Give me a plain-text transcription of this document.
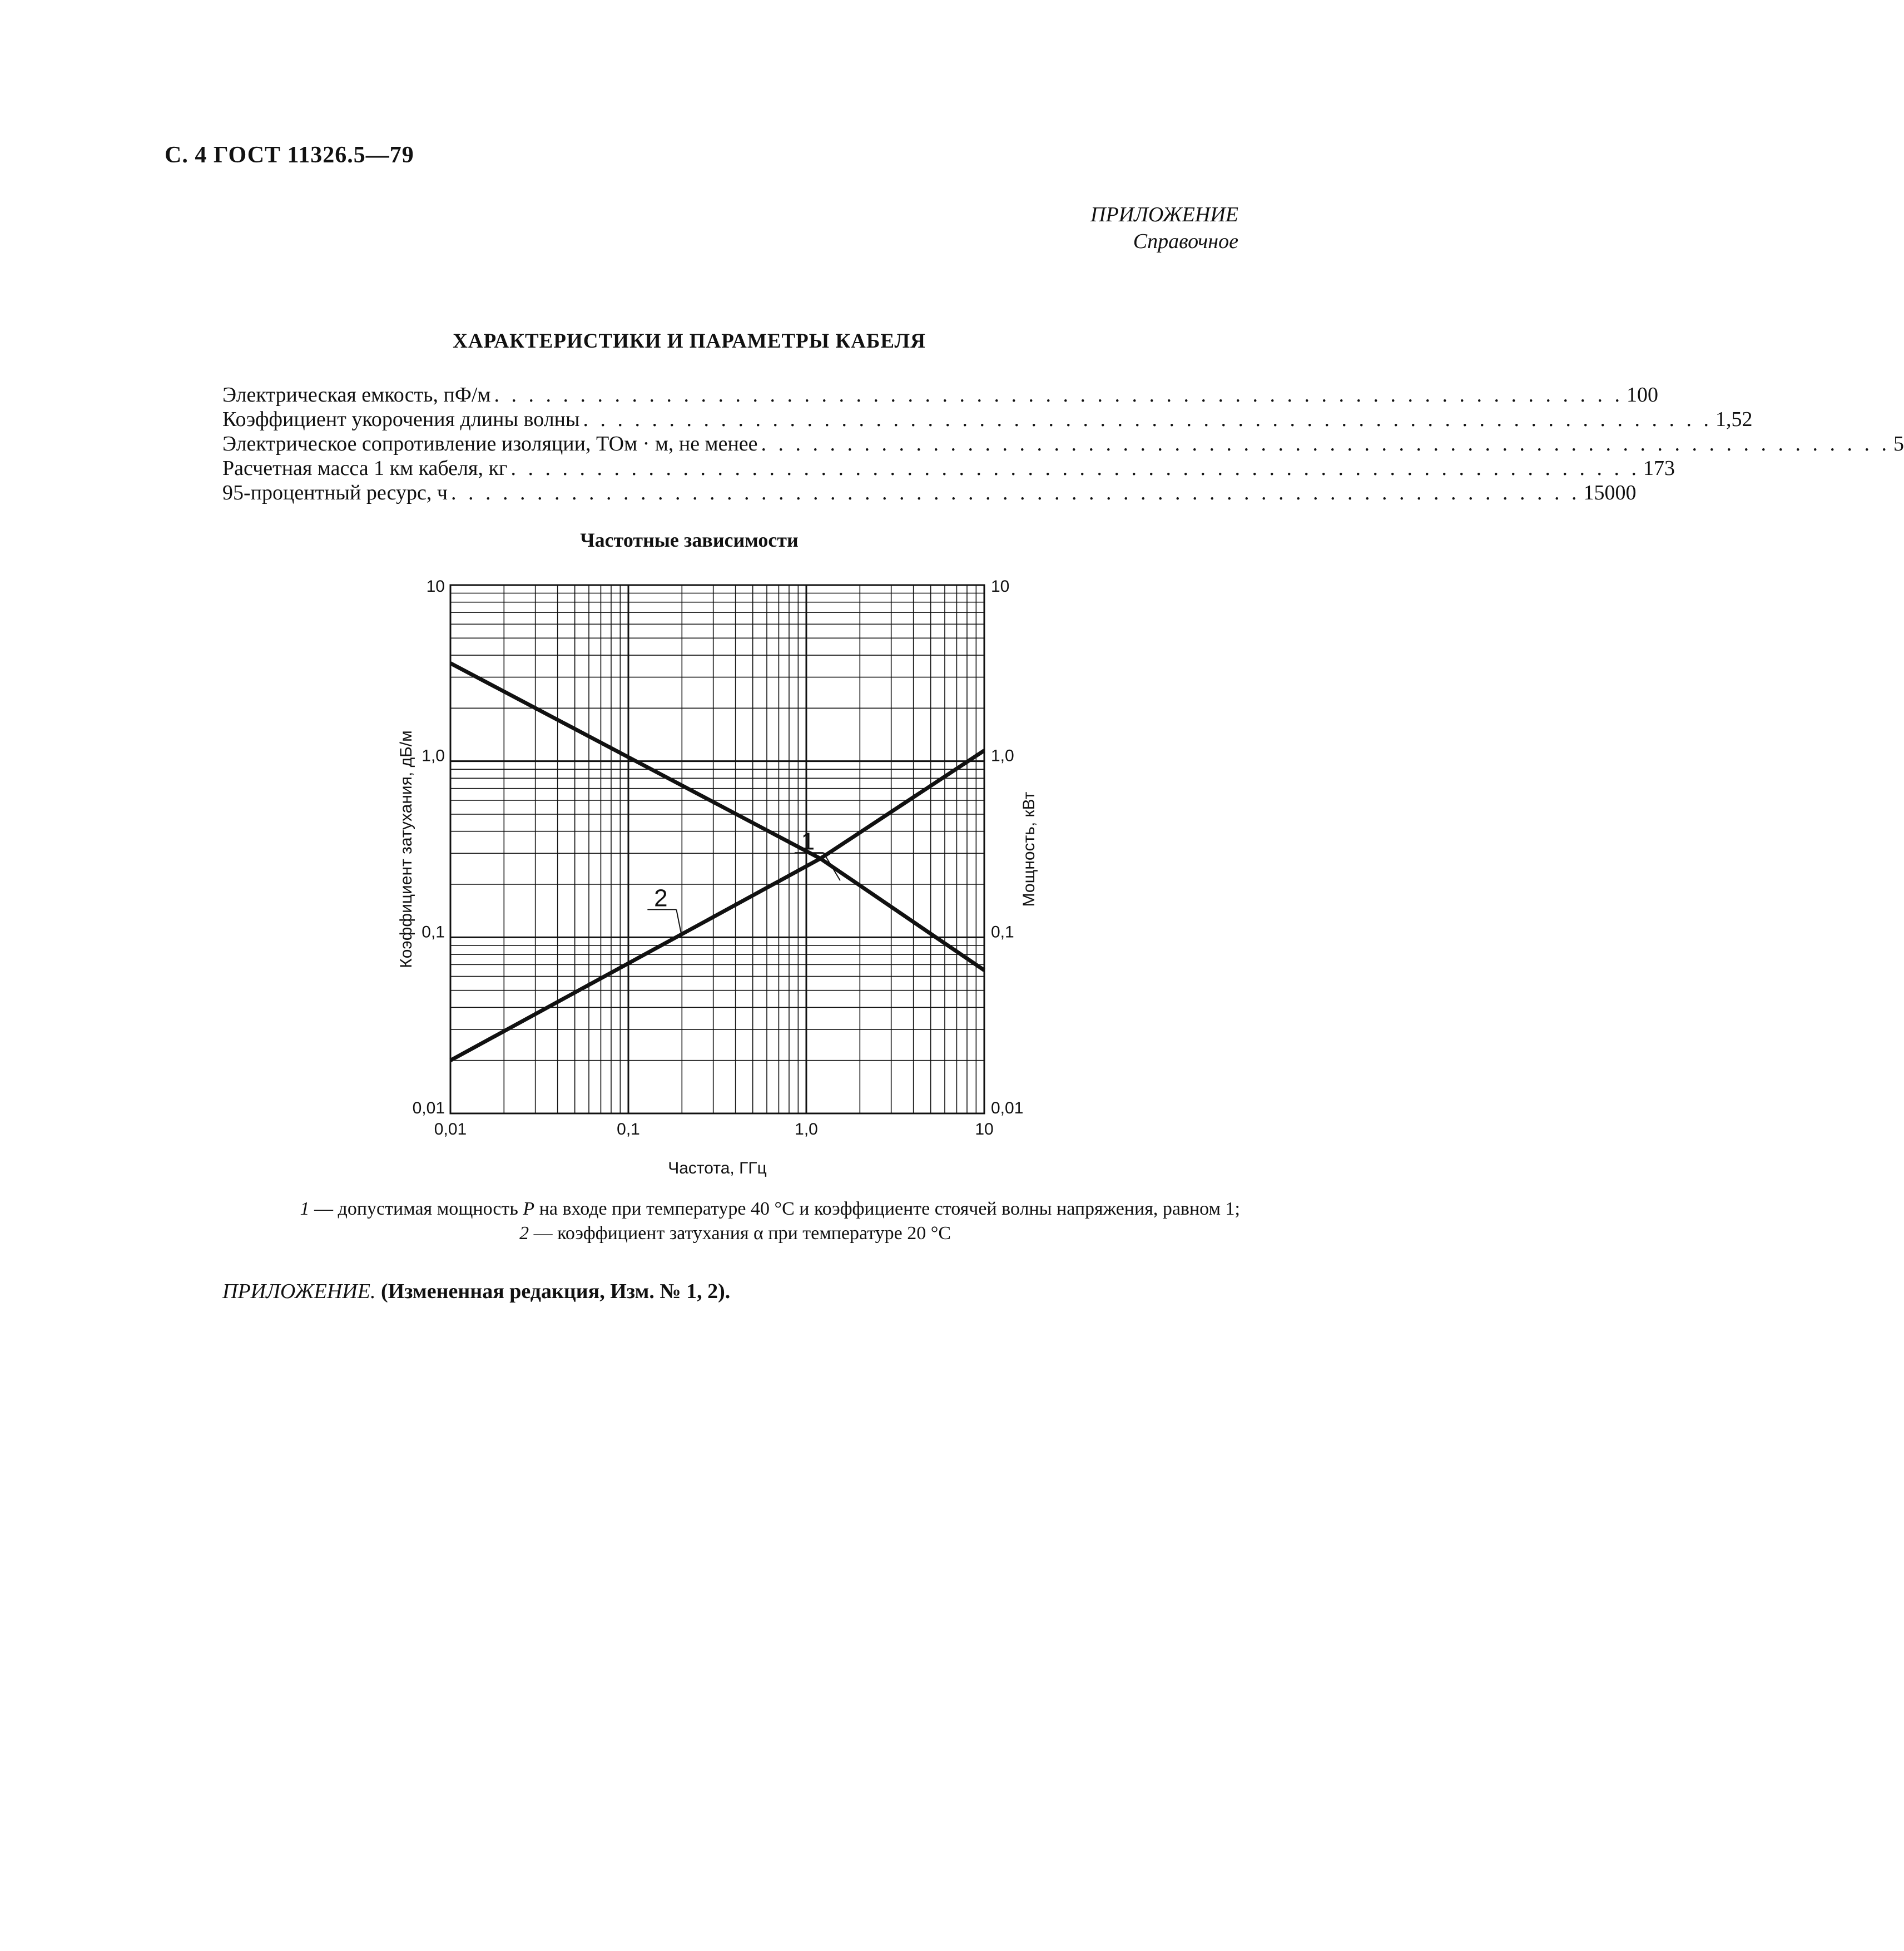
С. 4 ГОСТ 11326.5—79
ПРИЛОЖЕНИЕ
Справочное
ХАРАКТЕРИСТИКИ И ПАРАМЕТРЫ КАБЕЛЯ
Электрическая емкость, пФ/м . . . . . . . . . . . . . . . . . . . . . . . . . . . . . . . . . . . . . . . . . . . . . . . . . . . . . . . . . . . . . . . . . . 100
Коэффициент укорочения длины волны . . . . . . . . . . . . . . . . . . . . . . . . . . . . . . . . . . . . . . . . . . . . . . . . . . . . . . . . . . . . . . . . . . 1,52
Электрическое сопротивление изоляции, ТОм · м, не менее . . . . . . . . . . . . . . . . . . . . . . . . . . . . . . . . . . . . . . . . . . . . . . . . . . . . . . . . . . . . . . . . . . 5
Расчетная масса 1 км кабеля, кг . . . . . . . . . . . . . . . . . . . . . . . . . . . . . . . . . . . . . . . . . . . . . . . . . . . . . . . . . . . . . . . . . . 173
95-процентный ресурс, ч . . . . . . . . . . . . . . . . . . . . . . . . . . . . . . . . . . . . . . . . . . . . . . . . . . . . . . . . . . . . . . . . . . 15000
Частотные зависимости
1
2
0,01	0,01
0,1	0,1
1,0	1,0
10	10
0,01	0,1	1,0	10
Частота, ГГц
Коэффициент затухания, дБ/м	Мощность, кВт
1 — допустимая мощность P на входе при температуре 40 °С и коэффициенте стоячей волны напряжения, равном 1;
2 — коэффициент затухания α при температуре 20 °С
ПРИЛОЖЕНИЕ. (Измененная редакция, Изм. № 1, 2).
